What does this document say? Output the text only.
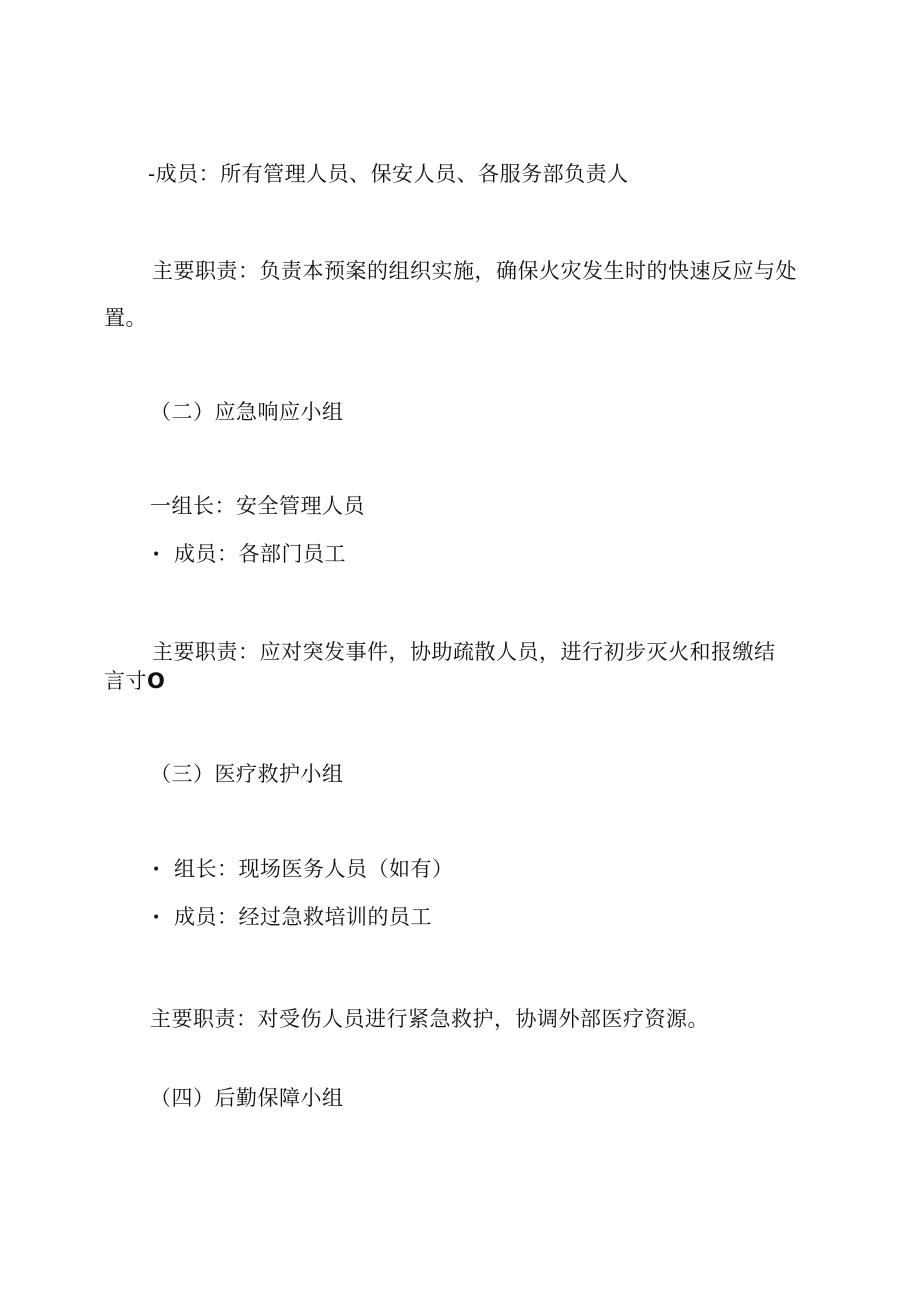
-成员：所有管理人员、保安人员、各服务部负责人
主要职责：负责本预案的组织实施，确保火灾发生时的快速反应与处
置。
（二）应急响应小组
一组长：安全管理人员
• 成员：各部门员工
主要职责：应对突发事件，协助疏散人员，进行初步灭火和报缴结
言寸O
（三）医疗救护小组
• 组长：现场医务人员（如有）
• 成员：经过急救培训的员工
主要职责：对受伤人员进行紧急救护，协调外部医疗资源。
（四）后勤保障小组
